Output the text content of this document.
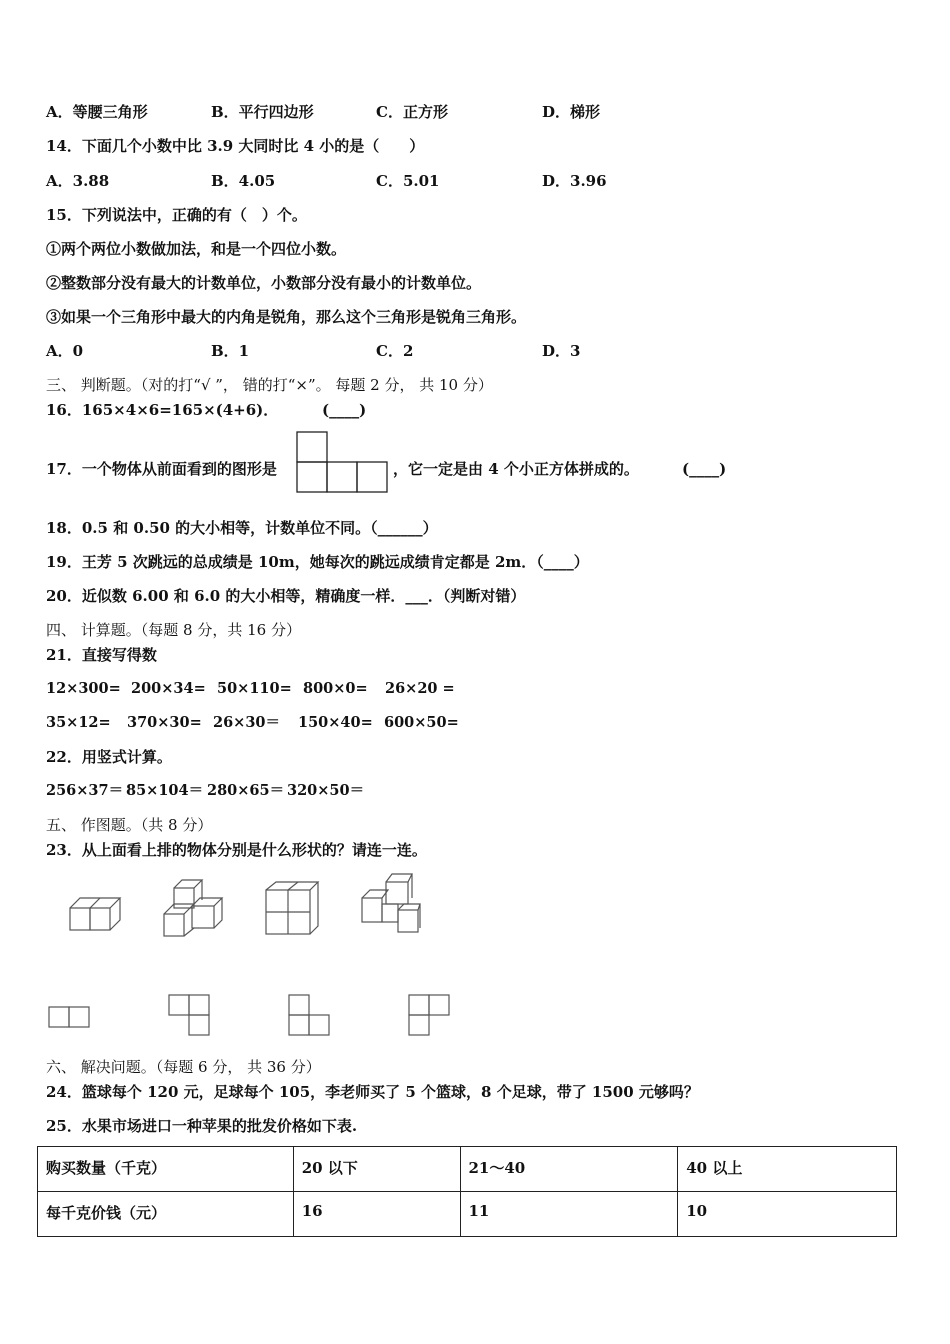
A．等腰三角形	B．平行四边形	C．正方形	D．梯形
14．下面几个小数中比 3.9 大同时比 4 小的是（　　）
A．3.88	B．4.05	C．5.01	D．3.96
15．下列说法中，正确的有（　）个。
①两个两位小数做加法，和是一个四位小数。
②整数部分没有最大的计数单位，小数部分没有最小的计数单位。
③如果一个三角形中最大的内角是锐角，那么这个三角形是锐角三角形。
A．0	B．1	C．2	D．3
三、 判断题。（对的打“√ ”， 错的打“×”。 每题 2 分， 共 10 分）
16．165×4×6=165×(4+6)．	(____)
17．一个物体从前面看到的图形是	，它一定是由 4 个小正方体拼成的。	(____)
18．0.5 和 0.50 的大小相等，计数单位不同。（______）
19．王芳 5 次跳远的总成绩是 10m，她每次的跳远成绩肯定都是 2m．（____）
20．近似数 6.00 和 6.0 的大小相等，精确度一样．___．（判断对错）
四、 计算题。（每题 8 分，共 16 分）
21．直接写得数
12×300= 200×34= 50×110= 800×0= 26×20 =
35×12= 370×30= 26×30＝ 150×40= 600×50=
22．用竖式计算。
256×37＝ 85×104＝ 280×65＝ 320×50＝
五、 作图题。（共 8 分）
23．从上面看上排的物体分别是什么形状的？请连一连。
六、 解决问题。（每题 6 分， 共 36 分）
24．篮球每个 120 元，足球每个 105，李老师买了 5 个篮球，8 个足球，带了 1500 元够吗？
25．水果市场进口一种苹果的批发价格如下表.
购买数量（千克）	20 以下	21～40	40 以上
每千克价钱（元）	16	11	10
